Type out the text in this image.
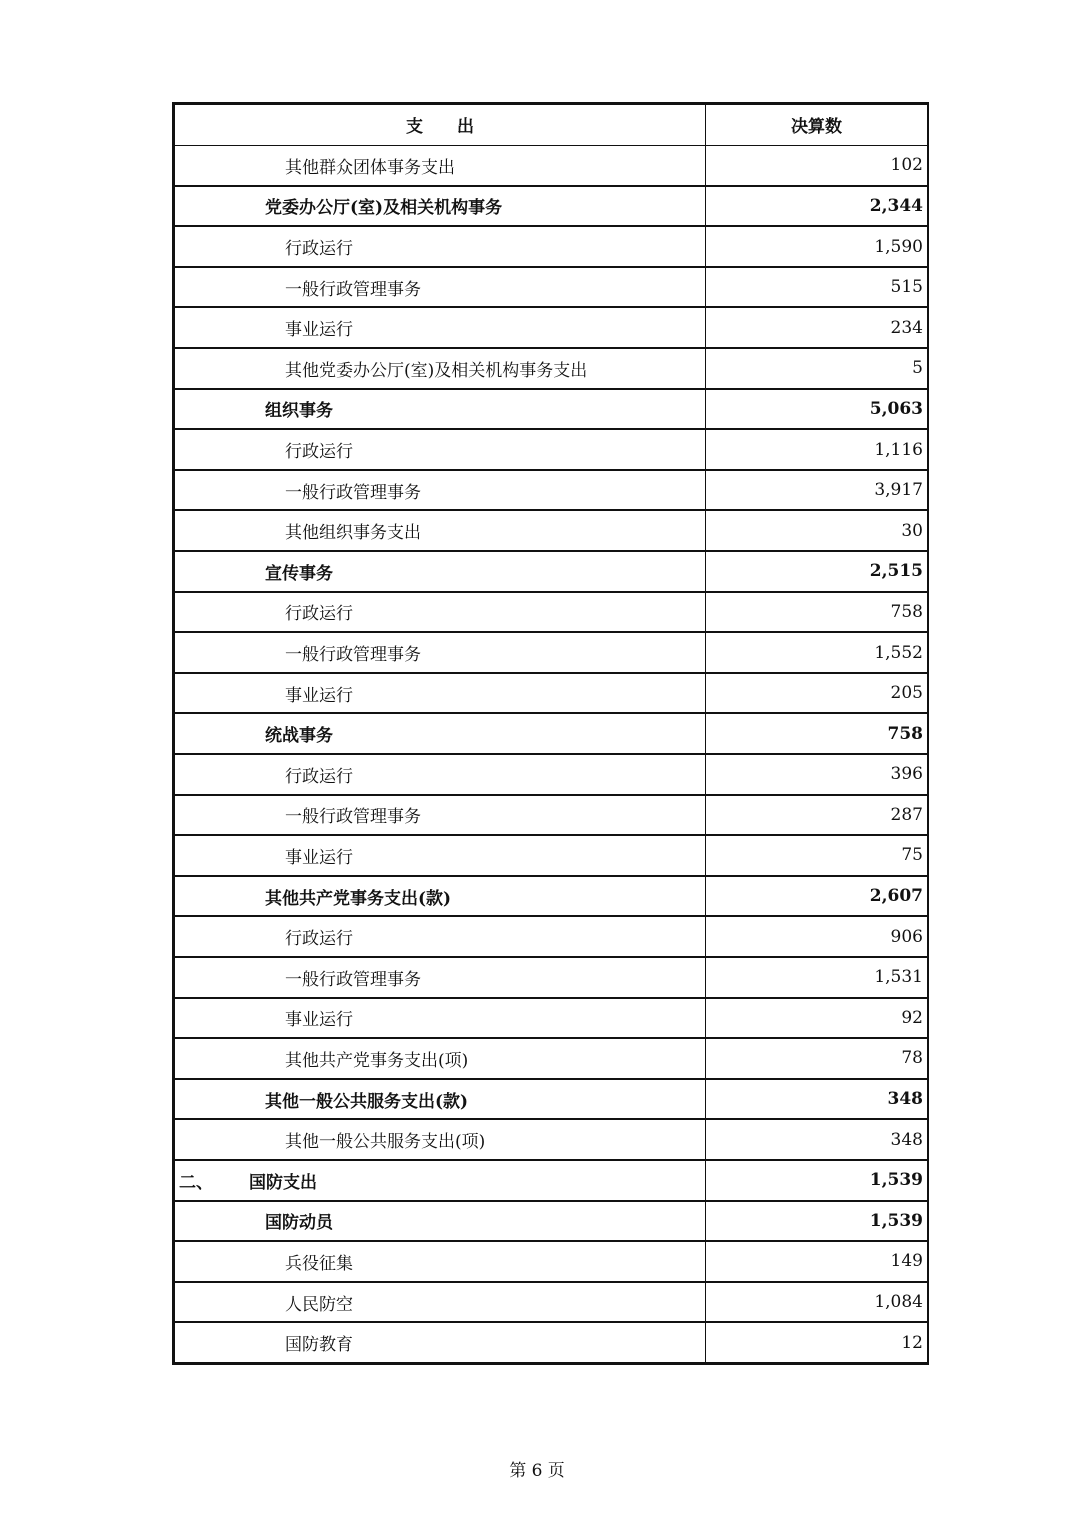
支　　出	决算数
其他群众团体事务支出	102
党委办公厅(室)及相关机构事务	2,344
行政运行	1,590
一般行政管理事务	515
事业运行	234
其他党委办公厅(室)及相关机构事务支出	5
组织事务	5,063
行政运行	1,116
一般行政管理事务	3,917
其他组织事务支出	30
宣传事务	2,515
行政运行	758
一般行政管理事务	1,552
事业运行	205
统战事务	758
行政运行	396
一般行政管理事务	287
事业运行	75
其他共产党事务支出(款)	2,607
行政运行	906
一般行政管理事务	1,531
事业运行	92
其他共产党事务支出(项)	78
其他一般公共服务支出(款)	348
其他一般公共服务支出(项)	348
二、 国防支出	1,539
国防动员	1,539
兵役征集	149
人民防空	1,084
国防教育	12
第 6 页
